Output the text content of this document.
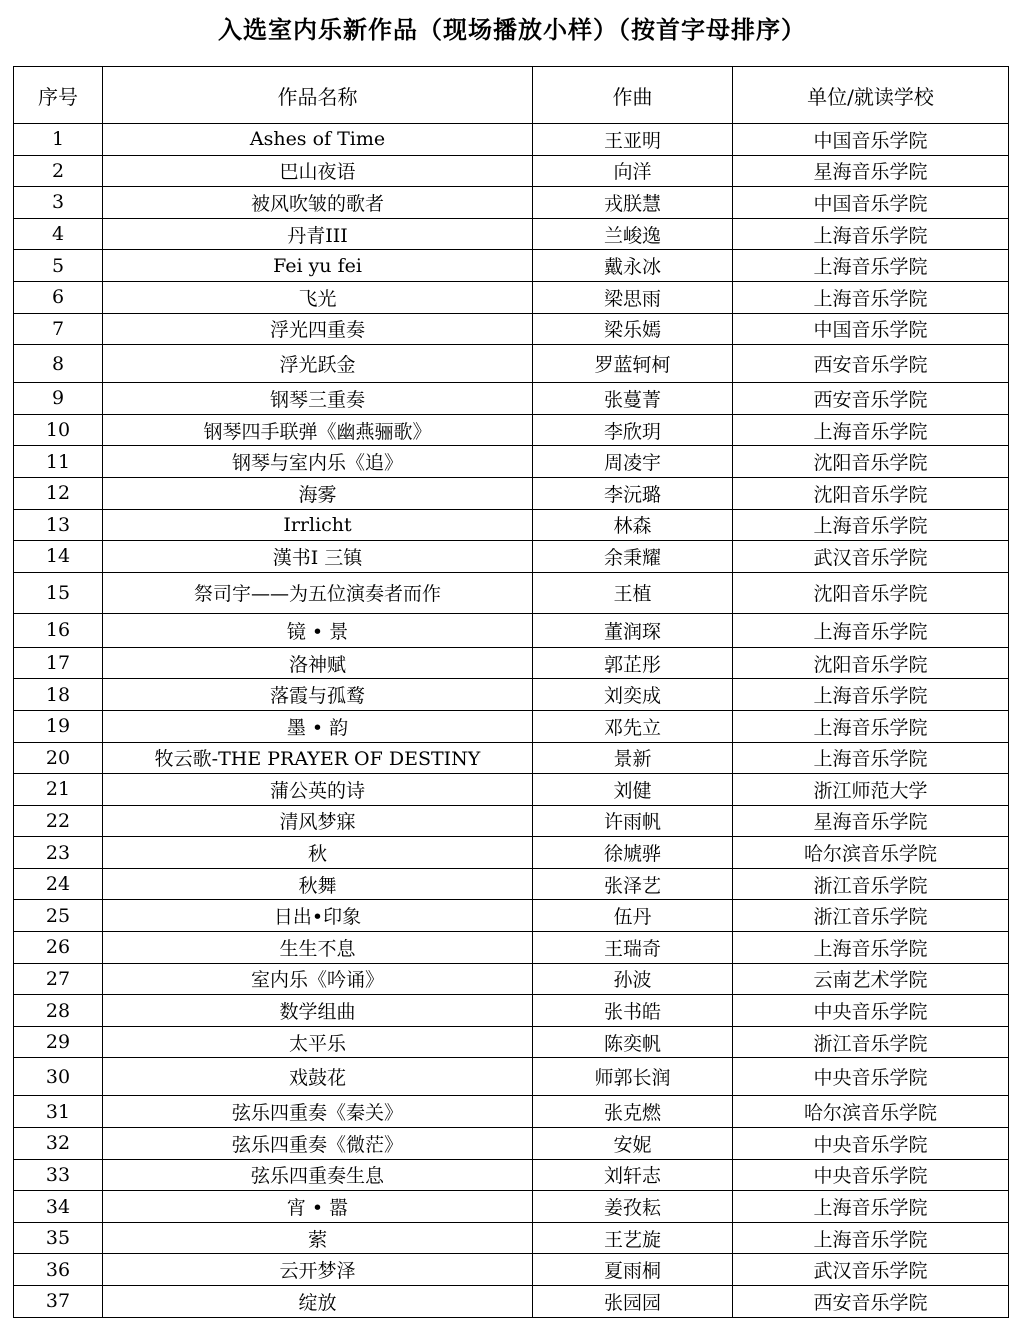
入选室内乐新作品（现场播放小样）（按首字母排序）
序号	作品名称	作曲	单位/就读学校
1	Ashes of Time	王亚明	中国音乐学院
2	巴山夜语	向洋	星海音乐学院
3	被风吹皱的歌者	戎朕慧	中国音乐学院
4	丹青III	兰峻逸	上海音乐学院
5	Fei yu fei	戴永冰	上海音乐学院
6	飞光	梁思雨	上海音乐学院
7	浮光四重奏	梁乐嫣	中国音乐学院
8	浮光跃金	罗蓝轲柯	西安音乐学院
9	钢琴三重奏	张蔓菁	西安音乐学院
10	钢琴四手联弹《幽燕骊歌》	李欣玥	上海音乐学院
11	钢琴与室内乐《追》	周凌宇	沈阳音乐学院
12	海雾	李沅璐	沈阳音乐学院
13	Irrlicht	林森	上海音乐学院
14	漢书Ⅰ 三镇	余秉耀	武汉音乐学院
15	祭司宇——为五位演奏者而作	王植	沈阳音乐学院
16	镜 • 景	董润琛	上海音乐学院
17	洛神赋	郭芷彤	沈阳音乐学院
18	落霞与孤鹜	刘奕成	上海音乐学院
19	墨 • 韵	邓先立	上海音乐学院
20	牧云歌-THE PRAYER OF DESTINY	景新	上海音乐学院
21	蒲公英的诗	刘健	浙江师范大学
22	清风梦寐	许雨帆	星海音乐学院
23	秋	徐虓骅	哈尔滨音乐学院
24	秋舞	张泽艺	浙江音乐学院
25	日出•印象	伍丹	浙江音乐学院
26	生生不息	王瑞奇	上海音乐学院
27	室内乐《吟诵》	孙波	云南艺术学院
28	数学组曲	张书皓	中央音乐学院
29	太平乐	陈奕帆	浙江音乐学院
30	戏鼓花	师郭长润	中央音乐学院
31	弦乐四重奏《秦关》	张克燃	哈尔滨音乐学院
32	弦乐四重奏《微茫》	安妮	中央音乐学院
33	弦乐四重奏生息	刘轩志	中央音乐学院
34	宵 • 嚣	姜孜耘	上海音乐学院
35	萦	王艺旋	上海音乐学院
36	云开梦泽	夏雨桐	武汉音乐学院
37	绽放	张园园	西安音乐学院
